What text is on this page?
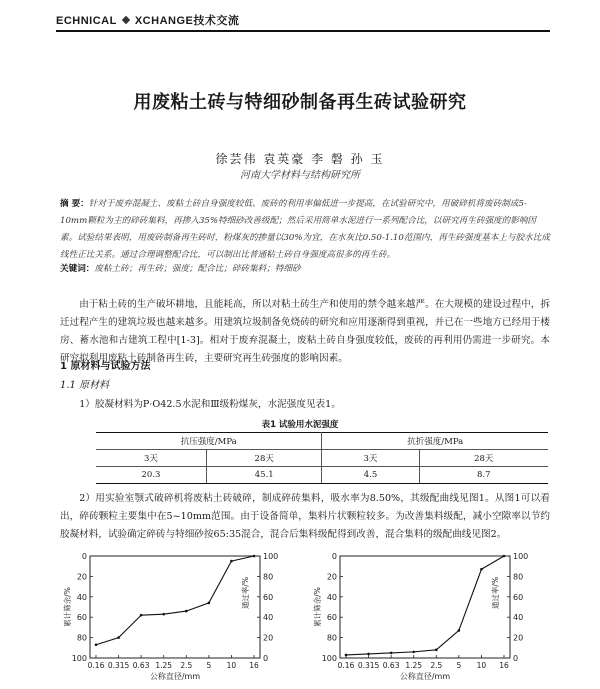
ECHNICAL XCHANGE技术交流
用废粘土砖与特细砂制备再生砖试验研究
徐芸伟 袁英豪 李 磐 孙 玉
河南大学材料与结构研究所
摘 要：针对于废弃混凝土、废粘土砖自身强度较低、废砖的利用率偏低进一步提高，在试验研究中，用破碎机将废砖制成5-10mm颗粒为主的碎砖集料，再掺入35%特细砂改善级配；然后采用简单水泥进行一系列配合比，以研究再生砖强度的影响因素。试验结果表明，用废砖制备再生砖时，粉煤灰的掺量以30%为宜，在水灰比0.50-1.10范围内，再生砖强度基本上与胶水比成线性正比关系。通过合理调整配合比，可以制出比普通粘土砖自身强度高很多的再生砖。
关键词：废粘土砖；再生砖；强度；配合比；碎砖集料；特细砂
由于粘土砖的生产破坏耕地，且能耗高，所以对粘土砖生产和使用的禁令越来越严。在大规模的建设过程中，拆迁过程产生的建筑垃圾也越来越多。用建筑垃圾制备免烧砖的研究和应用逐渐得到重视，并已在一些地方已经用于楼房、蓄水池和古建筑工程中[1-3]。相对于废弃混凝土，废粘土砖自身强度较低，废砖的再利用仍需进一步研究。本研究拟利用废粘土砖制备再生砖，主要研究再生砖强度的影响因素。
1 原材料与试验方法
1.1 原材料
1）胶凝材料为P·O42.5水泥和Ⅲ级粉煤灰，水泥强度见表1。
表1 试验用水泥强度
抗压强度/MPa		抗折强度/MPa	
3天	28天	3天	28天
20.3	45.1	4.5	8.7
2）用实验室颚式破碎机将废粘土砖破碎，制成碎砖集料，吸水率为8.50%，其级配曲线见图1。从图1可以看出，碎砖颗粒主要集中在5~10mm范围。由于设备简单，集料片状颗粒较多。为改善集料级配，减小空隙率以节约胶凝材料，试验确定碎砖与特细砂按65:35混合，混合后集料级配得到改善，混合集料的级配曲线见图2。
0	100
20	80
40	60
60	40
80	20
100	0
0.16 0.315 0.63 1.25 2.5 5 10 16
公称直径/mm
累计筛余/%	通过率/%
0	100
20	80
40	60
60	40
80	20
100	0
0.16 0.315 0.63 1.25 2.5 5 10 16
公称直径/mm
累计筛余/%	通过率/%
